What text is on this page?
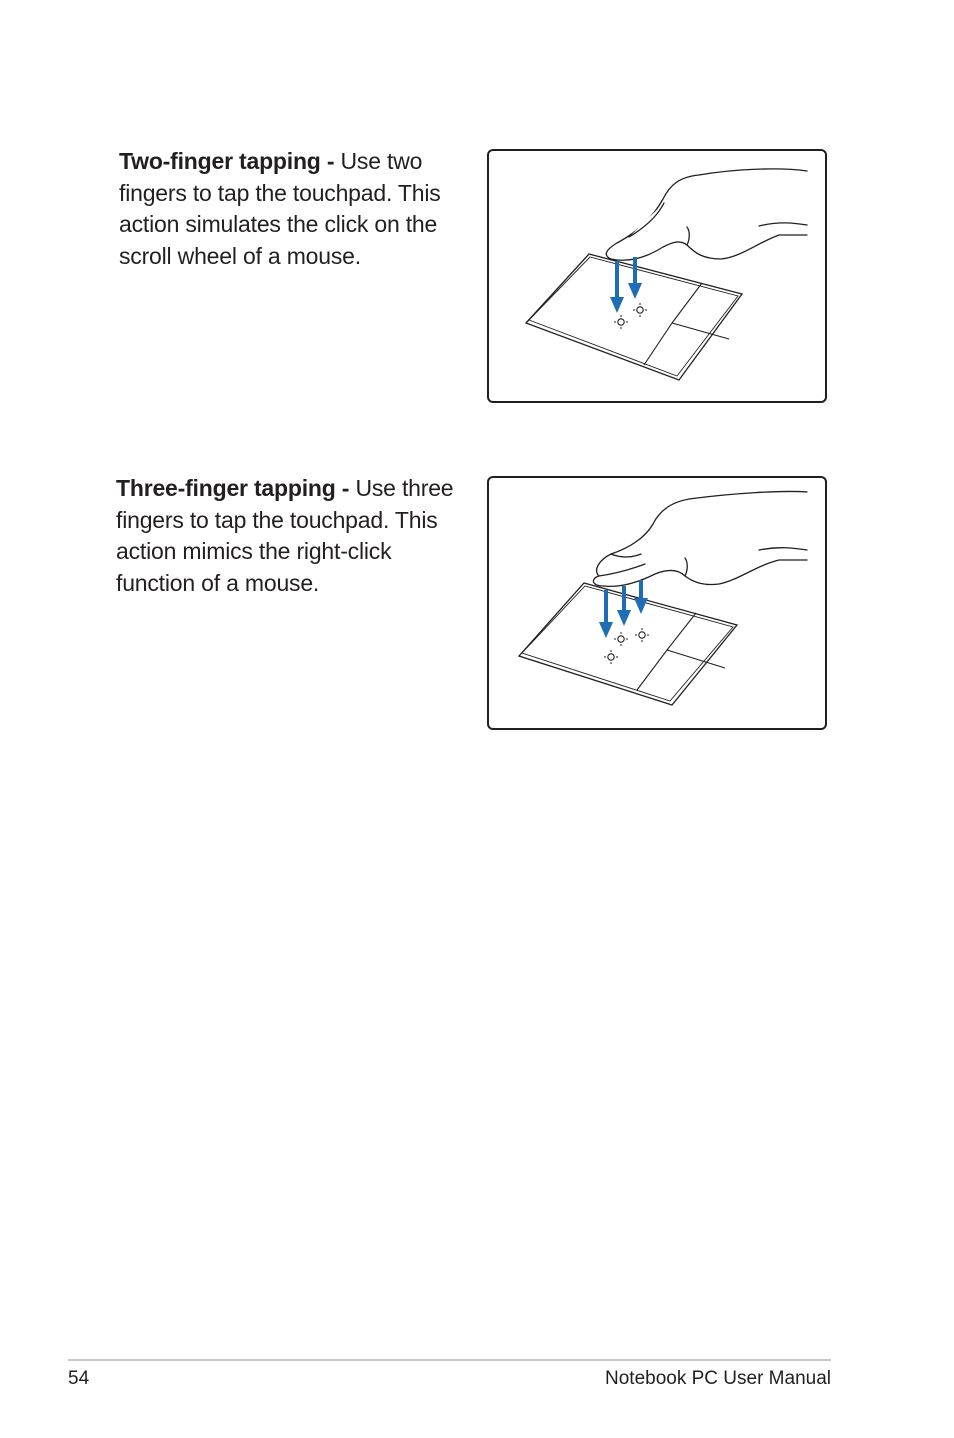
Two-finger tapping - Use two fingers to tap the touchpad. This action simulates the click on the scroll wheel of a mouse.

Three-finger tapping - Use three fingers to tap the touchpad. This action mimics the right-click function of a mouse.

54	Notebook PC User Manual
